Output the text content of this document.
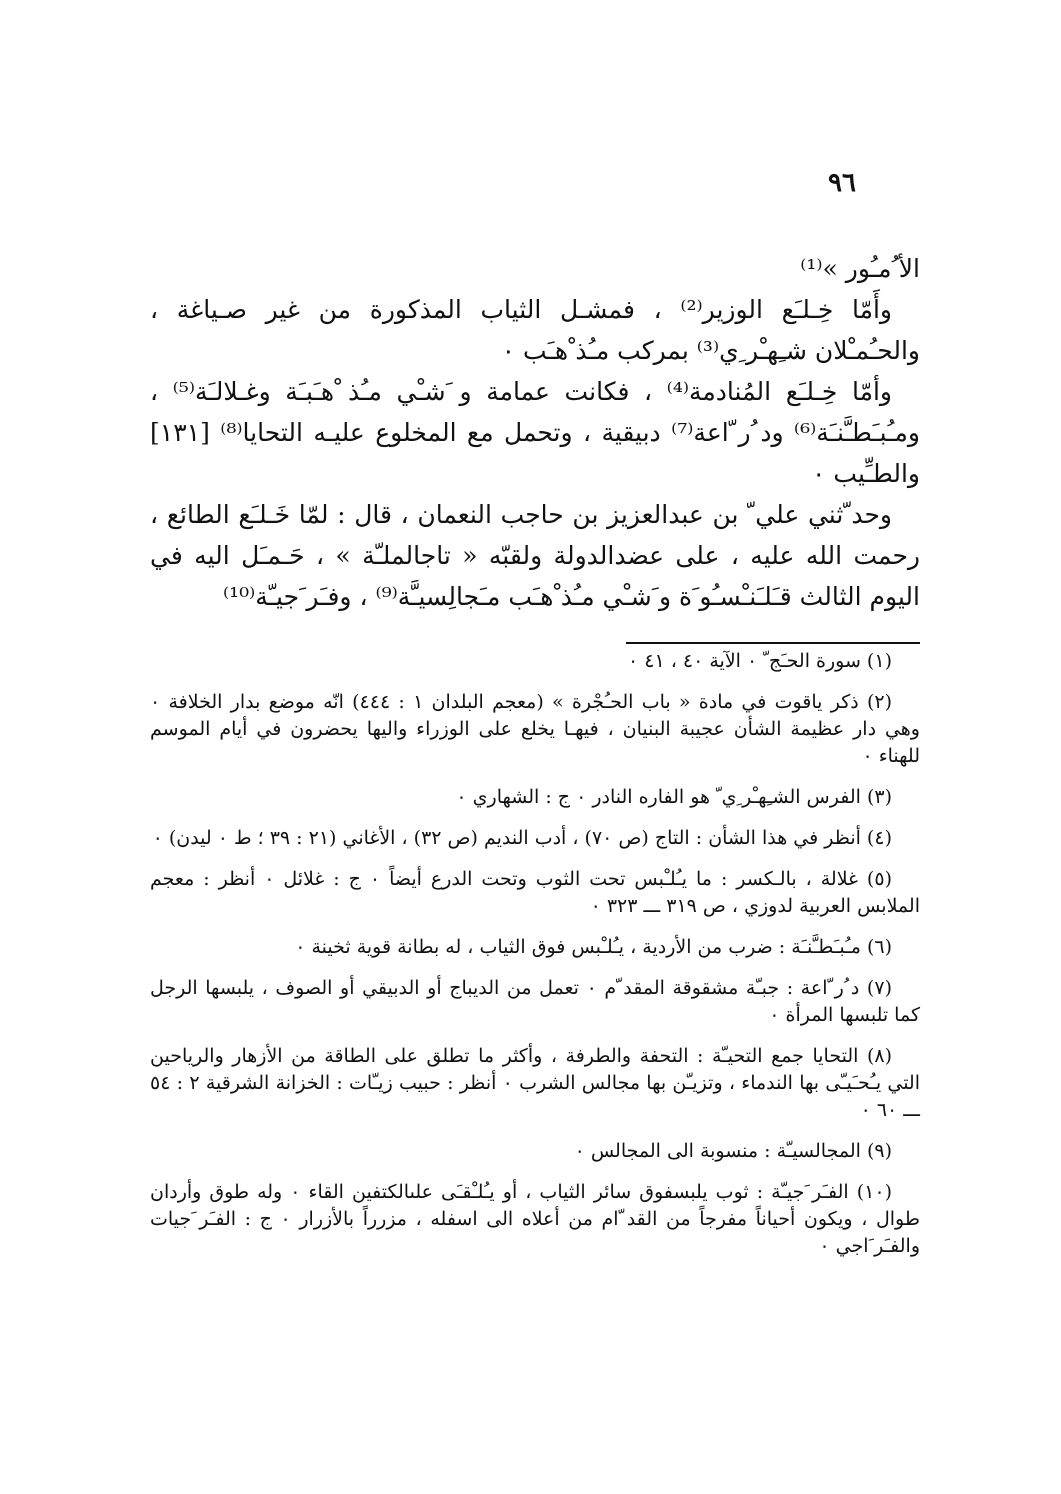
٩٦

الأ ُمـُور »⁽¹⁾

وأَمّا خِـلـَع الوزير⁽²⁾ ، فمشـل الثياب المذكورة من غير صـياغة ، والحـُمـْلان شـِهـْر ِي⁽³⁾ بمركب مـُذ ْهـَب ٠

وأمّا خِـلـَع المُنادمة⁽⁴⁾ ، فكانت عمامة و َشـْي مـُذ ْهـَبـَة وغـلالـَة⁽⁵⁾ ، ومـُبـَطـَّنـَة⁽⁶⁾ ود ُر ّاعة⁽⁷⁾ دبيقية ، وتحمل مع المخلوع عليـه التحايا⁽⁸⁾ [١٣١] والطـِّيب ٠

وحد ّثني علي ّ بن عبدالعزيز بن حاجب النعمان ، قال : لمّا خَـلـَع الطائع ، رحمت الله عليه ، على عضدالدولة ولقبّه « تاجالملـّة » ، حَـمـَل اليه في اليوم الثالث قـَلـَنـْسـُو َة و َشـْي مـُذ ْهـَب مـَجالِسيـَّة⁽⁹⁾ ، وفـَر َجيـّة⁽¹⁰⁾

(١) سورة الحـَج ّ ٠ الآية ٤٠ ، ٤١ ٠

(٢) ذكر ياقوت في مادة « باب الحـُجْرة » (معجم البلدان ١ : ٤٤٤) انّه موضع بدار الخلافة ٠ وهي دار عظيمة الشأن عجيبة البنيان ، فيهـا يخلع على الوزراء واليها يحضرون في أيام الموسم للهناء ٠

(٣) الفرس الشـِهـْر ِي ّ هو الفاره النادر ٠ ج : الشهاري ٠

(٤) أنظر في هذا الشأن : التاج (ص ٧٠) ، أدب النديم (ص ٣٢) ، الأغاني (٢١ : ٣٩ ؛ ط ٠ ليدن) ٠

(٥) غلالة ، بالـكسر : ما يـُلـْبس تحت الثوب وتحت الدرع أيضاً ٠ ج : غلائل ٠ أنظر : معجم الملابس العربية لدوزي ، ص ٣١٩ ـــ ٣٢٣ ٠

(٦) مـُبـَطـَّنـَة : ضرب من الأردية ، يـُلـْبس فوق الثياب ، له بطانة قوية ثخينة ٠

(٧) د ُر ّاعة : جبـّة مشقوقة المقد ّم ٠ تعمل من الديباج أو الدبيقي أو الصوف ، يلبسها الرجل كما تلبسها المرأة ٠

(٨) التحايا جمع التحيـّة : التحفة والطرفة ، وأكثر ما تطلق على الطاقة من الأزهار والرياحين التي يـُحـَيـّى بها الندماء ، وتزيـّن بها مجالس الشرب ٠ أنظر : حبيب زيـّات : الخزانة الشرقية ٢ : ٥٤ ـــ ٦٠ ٠

(٩) المجالسيـّة : منسوبة الى المجالس ٠

(١٠) الفـَر َجيـّة : ثوب يلبسفوق سائر الثياب ، أو يـُلـْقـَى علىالكتفين القاء ٠ وله طوق وأردان طوال ، ويكون أحياناً مفرجاً من القد ّام من أعلاه الى اسفله ، مزرراً بالأزرار ٠ ج : الفـَر َجيات والفـَر َاجي ٠
